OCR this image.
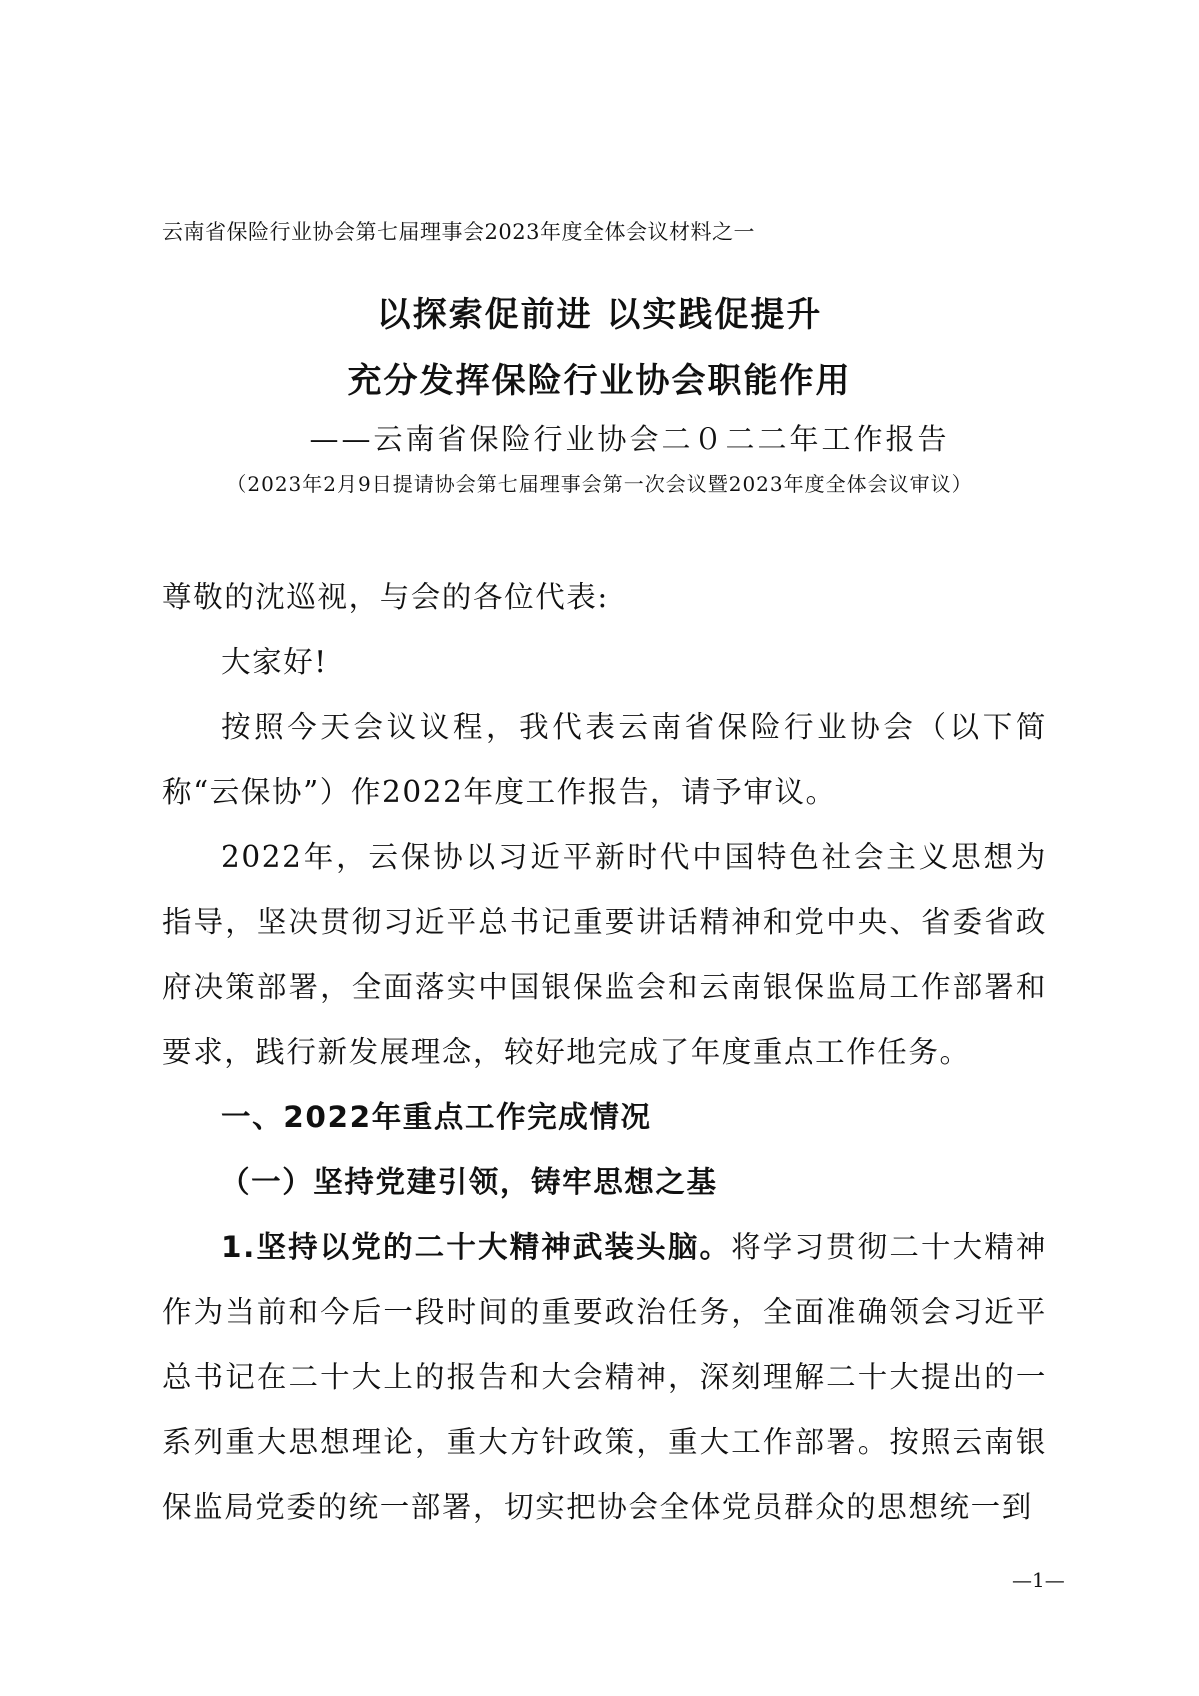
云南省保险行业协会第七届理事会2023年度全体会议材料之一
以探索促前进 以实践促提升
充分发挥保险行业协会职能作用
——云南省保险行业协会二０二二年工作报告
（2023年2月9日提请协会第七届理事会第一次会议暨2023年度全体会议审议）

尊敬的沈巡视，与会的各位代表:

大家好!

按照今天会议议程，我代表云南省保险行业协会（以下简称“云保协”）作2022年度工作报告，请予审议。

2022年，云保协以习近平新时代中国特色社会主义思想为指导，坚决贯彻习近平总书记重要讲话精神和党中央、省委省政府决策部署，全面落实中国银保监会和云南银保监局工作部署和要求，践行新发展理念，较好地完成了年度重点工作任务。

一、2022年重点工作完成情况

（一）坚持党建引领，铸牢思想之基

1.坚持以党的二十大精神武装头脑。将学习贯彻二十大精神作为当前和今后一段时间的重要政治任务，全面准确领会习近平总书记在二十大上的报告和大会精神，深刻理解二十大提出的一系列重大思想理论，重大方针政策，重大工作部署。按照云南银保监局党委的统一部署，切实把协会全体党员群众的思想统一到

—1—
